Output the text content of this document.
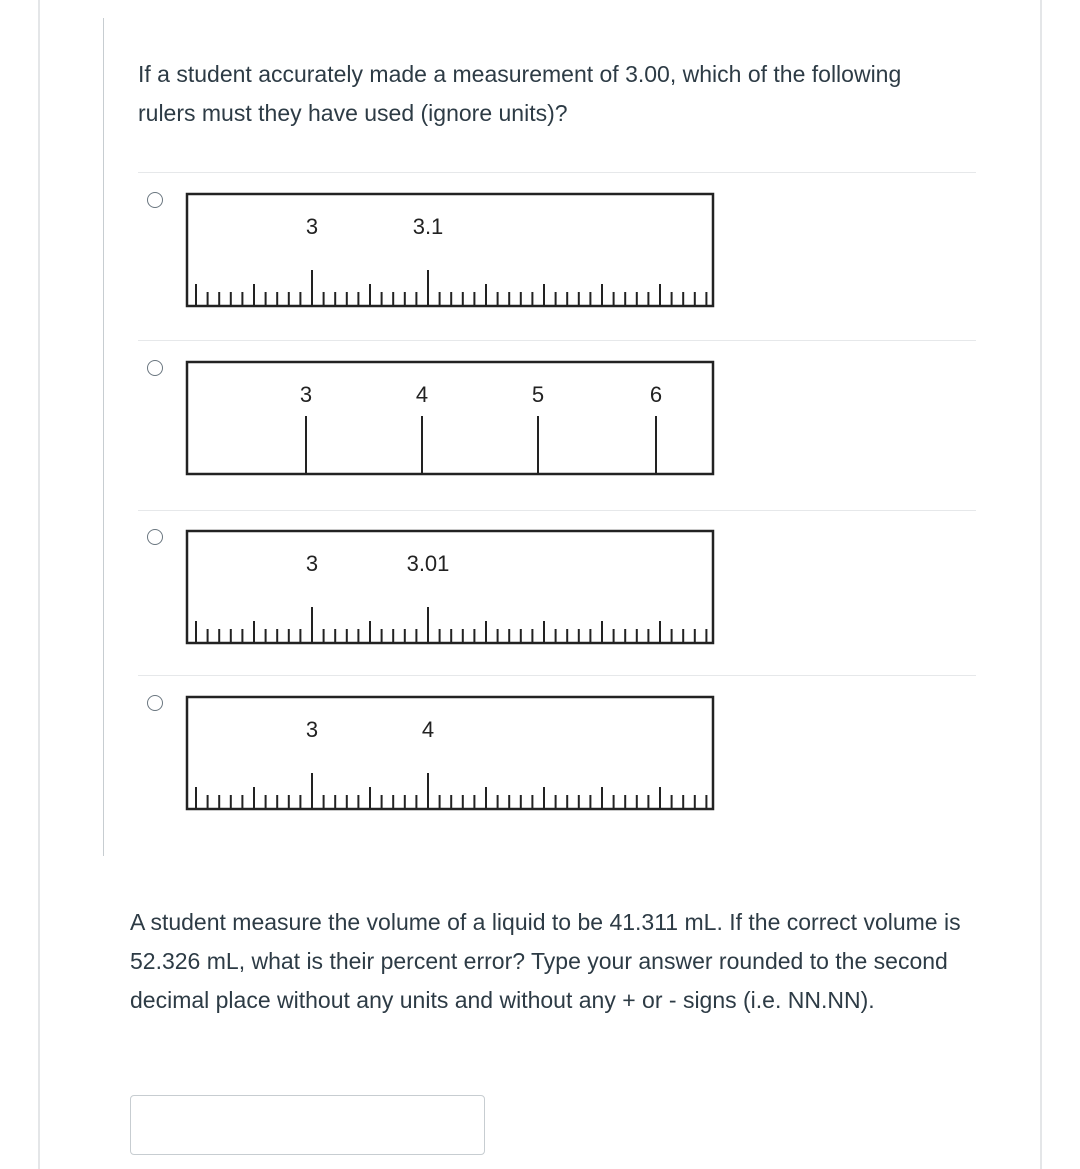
If a student accurately made a measurement of 3.00, which of the following rulers must they have used (ignore units)?

3	3.1
3	4	5	6
3	3.01
3	4

A student measure the volume of a liquid to be 41.311 mL. If the correct volume is 52.326 mL, what is their percent error? Type your answer rounded to the second decimal place without any units and without any + or - signs (i.e. NN.NN).
